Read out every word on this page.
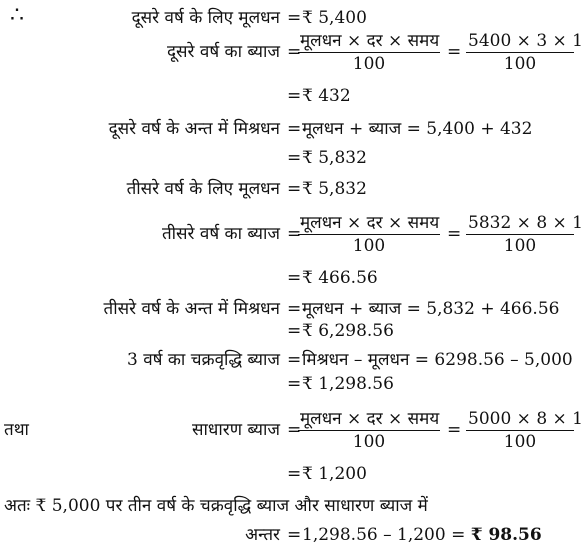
∴	दूसरे वर्ष के लिए मूलधन = ₹ 5,400
दूसरे वर्ष का ब्याज =
मूलधन × दर × समय
100
= $\frac{5400 \times 3 \times 1}{100}$
= ₹ 432
दूसरे वर्ष के अन्त में मिश्रधन = मूलधन + ब्याज = 5,400 + 432
= ₹ 5,832
तीसरे वर्ष के लिए मूलधन = ₹ 5,832
तीसरे वर्ष का ब्याज =
मूलधन × दर × समय
100
= $\frac{5832 \times 8 \times 1}{100}$
= ₹ 466.56
तीसरे वर्ष के अन्त में मिश्रधन = मूलधन + ब्याज = 5,832 + 466.56
= ₹ 6,298.56
3 वर्ष का चक्रवृद्धि ब्याज = मिश्रधन – मूलधन = 6298.56 – 5,000
= ₹ 1,298.56
तथा	साधारण ब्याज =
मूलधन × दर × समय
100
= $\frac{5000 \times 8 \times 1}{100}$
= ₹ 1,200
अतः ₹ 5,000 पर तीन वर्ष के चक्रवृद्धि ब्याज और साधारण ब्याज में
अन्तर = 1,298.56 – 1,200 = ₹ 98.56
